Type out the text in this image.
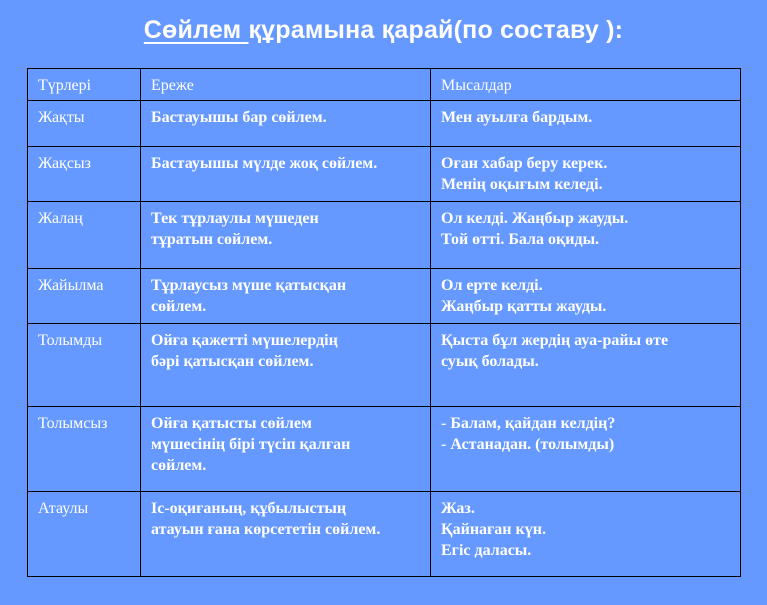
Сөйлем құрамына қарай(по составу ):
Түрлері	Ереже	Мысалдар

Жақты	Бастауышы бар сөйлем.	Мен ауылға бардым.

Жақсыз	Бастауышы мүлде жоқ сөйлем.	Оған хабар беру керек.
Менің оқығым келеді.

Жалаң	Тек тұрлаулы мүшеден
тұратын сөйлем.	Ол келді. Жаңбыр жауды.
Той өтті. Бала оқиды.

Жайылма	Тұрлаусыз мүше қатысқан
сөйлем.	Ол ерте келді.
Жаңбыр қатты жауды.

Толымды	Ойға қажетті мүшелердің
бәрі қатысқан сөйлем.	Қыста бұл жердің ауа-райы өте
суық болады.

Толымсыз	Ойға қатысты сөйлем
мүшесінің бірі түсіп қалған
сөйлем.	- Балам, қайдан келдің?
- Астанадан. (толымды)

Атаулы	Іс-оқиғаның, құбылыстың
атауын ғана көрсететін сөйлем.	Жаз.
Қайнаған күн.
Егіс даласы.
